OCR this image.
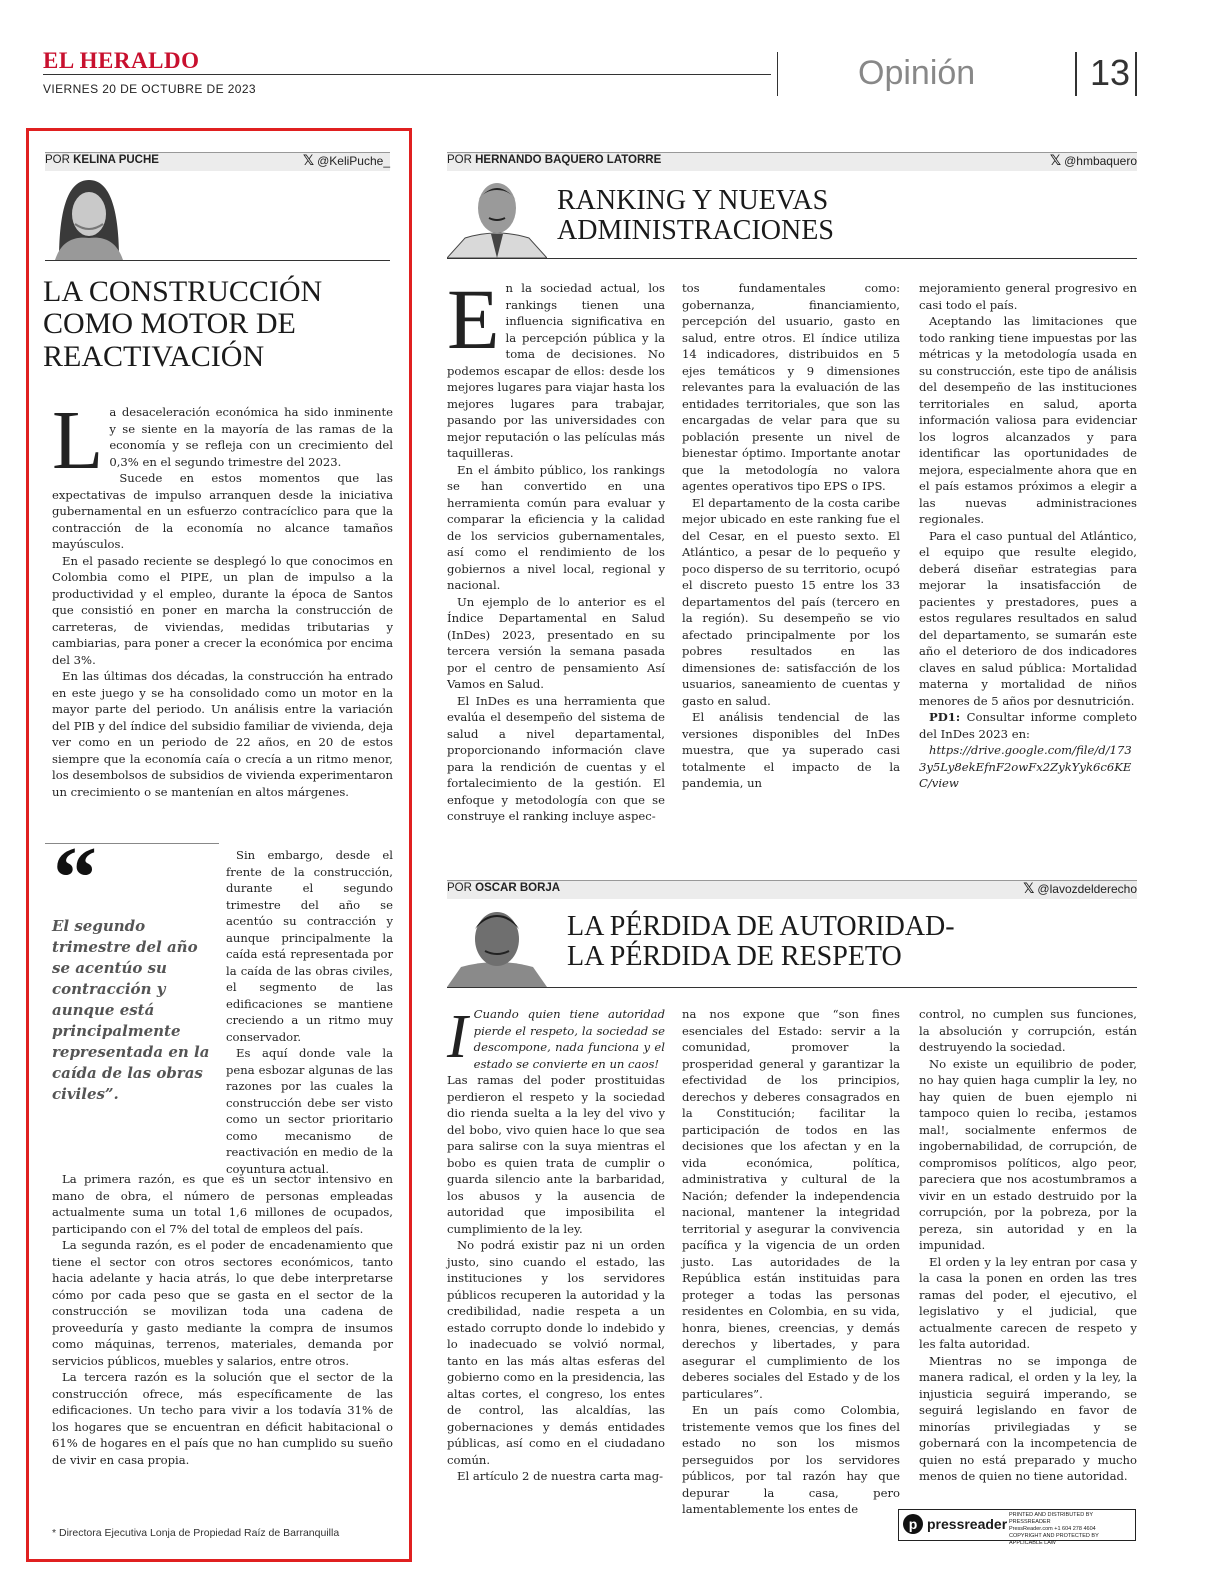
EL HERALDO
VIERNES 20 DE OCTUBRE DE 2023	Opinión	13
POR KELINA PUCHE	𝕏 @KeliPuche_
LA CONSTRUCCIÓN
COMO MOTOR DE
REACTIVACIÓN

La desaceleración económica ha sido inminente y se siente en la mayoría de las ramas de la economía y se refleja con un crecimiento del 0,3% en el segundo trimestre del 2023.

Sucede en estos momentos que las expectativas de impulso arranquen desde la iniciativa gubernamental en un esfuerzo contracíclico para que la contracción de la economía no alcance tamaños mayúsculos.

En el pasado reciente se desplegó lo que conocimos en Colombia como el PIPE, un plan de impulso a la productividad y el empleo, durante la época de Santos que consistió en poner en marcha la construcción de carreteras, de viviendas, medidas tributarias y cambiarias, para poner a crecer la económica por encima del 3%.

En las últimas dos décadas, la construcción ha entrado en este juego y se ha consolidado como un motor en la mayor parte del periodo. Un análisis entre la variación del PIB y del índice del subsidio familiar de vivienda, deja ver como en un periodo de 22 años, en 20 de estos siempre que la economía caía o crecía a un ritmo menor, los desembolsos de subsidios de vivienda experimentaron un crecimiento o se mantenían en altos márgenes.

“
El segundo trimestre del año se acentúo su contracción y aunque está principalmente representada en la caída de las obras civiles”.

Sin embargo, desde el frente de la construcción, durante el segundo trimestre del año se acentúo su contracción y aunque principalmente la caída está representada por la caída de las obras civiles, el segmento de las edificaciones se mantiene creciendo a un ritmo muy conservador.

Es aquí donde vale la pena esbozar algunas de las razones por las cuales la construcción debe ser visto como un sector prioritario como mecanismo de reactivación en medio de la coyuntura actual.

La primera razón, es que es un sector intensivo en mano de obra, el número de personas empleadas actualmente suma un total 1,6 millones de ocupados, participando con el 7% del total de empleos del país.

La segunda razón, es el poder de encadenamiento que tiene el sector con otros sectores económicos, tanto hacia adelante y hacia atrás, lo que debe interpretarse cómo por cada peso que se gasta en el sector de la construcción se movilizan toda una cadena de proveeduría y gasto mediante la compra de insumos como máquinas, terrenos, materiales, demanda por servicios públicos, muebles y salarios, entre otros.

La tercera razón es la solución que el sector de la construcción ofrece, más específicamente de las edificaciones. Un techo para vivir a los todavía 31% de los hogares que se encuentran en déficit habitacional o 61% de hogares en el país que no han cumplido su sueño de vivir en casa propia.

* Directora Ejecutiva Lonja de Propiedad Raíz de Barranquilla
POR HERNANDO BAQUERO LATORRE	𝕏 @hmbaquero
RANKING Y NUEVAS
ADMINISTRACIONES

En la sociedad actual, los rankings tienen una influencia significativa en la percepción pública y la toma de decisiones. No podemos escapar de ellos: desde los mejores lugares para viajar hasta los mejores lugares para trabajar, pasando por las universidades con mejor reputación o las películas más taquilleras.

En el ámbito público, los rankings se han convertido en una herramienta común para evaluar y comparar la eficiencia y la calidad de los servicios gubernamentales, así como el rendimiento de los gobiernos a nivel local, regional y nacional.

Un ejemplo de lo anterior es el Índice Departamental en Salud (InDes) 2023, presentado en su tercera versión la semana pasada por el centro de pensamiento Así Vamos en Salud.

El InDes es una herramienta que evalúa el desempeño del sistema de salud a nivel departamental, proporcionando información clave para la rendición de cuentas y el fortalecimiento de la gestión. El enfoque y metodología con que se construye el ranking incluye aspec-

tos fundamentales como: gobernanza, financiamiento, percepción del usuario, gasto en salud, entre otros. El índice utiliza 14 indicadores, distribuidos en 5 ejes temáticos y 9 dimensiones relevantes para la evaluación de las entidades territoriales, que son las encargadas de velar para que su población presente un nivel de bienestar óptimo. Importante anotar que la metodología no valora agentes operativos tipo EPS o IPS.

El departamento de la costa caribe mejor ubicado en este ranking fue el del Cesar, en el puesto sexto. El Atlántico, a pesar de lo pequeño y poco disperso de su territorio, ocupó el discreto puesto 15 entre los 33 departamentos del país (tercero en la región). Su desempeño se vio afectado principalmente por los pobres resultados en las dimensiones de: satisfacción de los usuarios, saneamiento de cuentas y gasto en salud.

El análisis tendencial de las versiones disponibles del InDes muestra, que ya superado casi totalmente el impacto de la pandemia, un

mejoramiento general progresivo en casi todo el país.

Aceptando las limitaciones que todo ranking tiene impuestas por las métricas y la metodología usada en su construcción, este tipo de análisis del desempeño de las instituciones territoriales en salud, aporta información valiosa para evidenciar los logros alcanzados y para identificar las oportunidades de mejora, especialmente ahora que en el país estamos próximos a elegir a las nuevas administraciones regionales.

Para el caso puntual del Atlántico, el equipo que resulte elegido, deberá diseñar estrategias para mejorar la insatisfacción de pacientes y prestadores, pues a estos regulares resultados en salud del departamento, se sumarán este año el deterioro de dos indicadores claves en salud pública: Mortalidad materna y mortalidad de niños menores de 5 años por desnutrición.

PD1: Consultar informe completo del InDes 2023 en:

https://drive.google.com/file/d/1733y5Ly8ekEfnF2owFx2ZykYyk6c6KEC/view

POR OSCAR BORJA	𝕏 @lavozdelderecho
LA PÉRDIDA DE AUTORIDAD-
LA PÉRDIDA DE RESPETO

I Cuando quien tiene autoridad pierde el respeto, la sociedad se descompone, nada funciona y el estado se convierte en un caos!

Las ramas del poder prostituidas perdieron el respeto y la sociedad dio rienda suelta a la ley del vivo y del bobo, vivo quien hace lo que sea para salirse con la suya mientras el bobo es quien trata de cumplir o guarda silencio ante la barbaridad, los abusos y la ausencia de autoridad que imposibilita el cumplimiento de la ley.

No podrá existir paz ni un orden justo, sino cuando el estado, las instituciones y los servidores públicos recuperen la autoridad y la credibilidad, nadie respeta a un estado corrupto donde lo indebido y lo inadecuado se volvió normal, tanto en las más altas esferas del gobierno como en la presidencia, las altas cortes, el congreso, los entes de control, las alcaldías, las gobernaciones y demás entidades públicas, así como en el ciudadano común.

El artículo 2 de nuestra carta mag-

na nos expone que “son fines esenciales del Estado: servir a la comunidad, promover la prosperidad general y garantizar la efectividad de los principios, derechos y deberes consagrados en la Constitución; facilitar la participación de todos en las decisiones que los afectan y en la vida económica, política, administrativa y cultural de la Nación; defender la independencia nacional, mantener la integridad territorial y asegurar la convivencia pacífica y la vigencia de un orden justo. Las autoridades de la República están instituidas para proteger a todas las personas residentes en Colombia, en su vida, honra, bienes, creencias, y demás derechos y libertades, y para asegurar el cumplimiento de los deberes sociales del Estado y de los particulares”.

En un país como Colombia, tristemente vemos que los fines del estado no son los mismos perseguidos por los servidores públicos, por tal razón hay que depurar la casa, pero lamentablemente los entes de

control, no cumplen sus funciones, la absolución y corrupción, están destruyendo la sociedad.

No existe un equilibrio de poder, no hay quien haga cumplir la ley, no hay quien de buen ejemplo ni tampoco quien lo reciba, ¡estamos mal!, socialmente enfermos de ingobernabilidad, de corrupción, de compromisos políticos, algo peor, pareciera que nos acostumbramos a vivir en un estado destruido por la corrupción, por la pobreza, por la pereza, sin autoridad y en la impunidad.

El orden y la ley entran por casa y la casa la ponen en orden las tres ramas del poder, el ejecutivo, el legislativo y el judicial, que actualmente carecen de respeto y les falta autoridad.

Mientras no se imponga de manera radical, el orden y la ley, la injusticia seguirá imperando, se seguirá legislando en favor de minorías privilegiadas y se gobernará con la incompetencia de quien no está preparado y mucho menos de quien no tiene autoridad.

p pressreader
PRINTED AND DISTRIBUTED BY PRESSREADER
PressReader.com +1 604 278 4604
COPYRIGHT AND PROTECTED BY APPLICABLE LAW
